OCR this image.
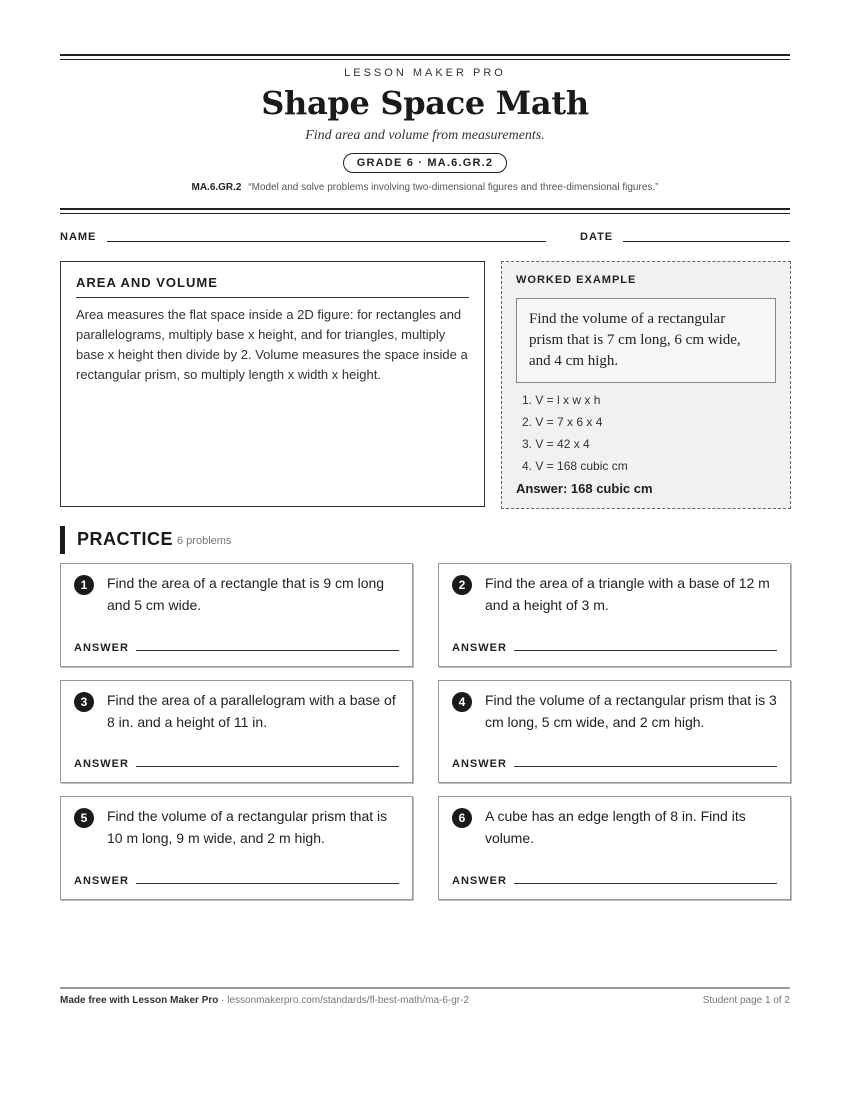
LESSON MAKER PRO
Shape Space Math
Find area and volume from measurements.
GRADE 6 · MA.6.GR.2
MA.6.GR.2 “Model and solve problems involving two-dimensional figures and three-dimensional figures.”
NAME	DATE
AREA AND VOLUME

Area measures the flat space inside a 2D figure: for rectangles and parallelograms, multiply base x height, and for triangles, multiply base x height then divide by 2. Volume measures the space inside a rectangular prism, so multiply length x width x height.

WORKED EXAMPLE
Find the volume of a rectangular prism that is 7 cm long, 6 cm wide, and 4 cm high.
1. V = l x w x h
2. V = 7 x 6 x 4
3. V = 42 x 4
4. V = 168 cubic cm
Answer: 168 cubic cm
PRACTICE 6 problems
1	Find the area of a rectangle that is 9 cm long and 5 cm wide.
ANSWER
2	Find the area of a triangle with a base of 12 m and a height of 3 m.
ANSWER
3	Find the area of a parallelogram with a base of 8 in. and a height of 11 in.
ANSWER
4	Find the volume of a rectangular prism that is 3 cm long, 5 cm wide, and 2 cm high.
ANSWER
5	Find the volume of a rectangular prism that is 10 m long, 9 m wide, and 2 m high.
ANSWER
6	A cube has an edge length of 8 in. Find its volume.
ANSWER
Made free with Lesson Maker Pro · lessonmakerpro.com/standards/fl-best-math/ma-6-gr-2	Student page 1 of 2
